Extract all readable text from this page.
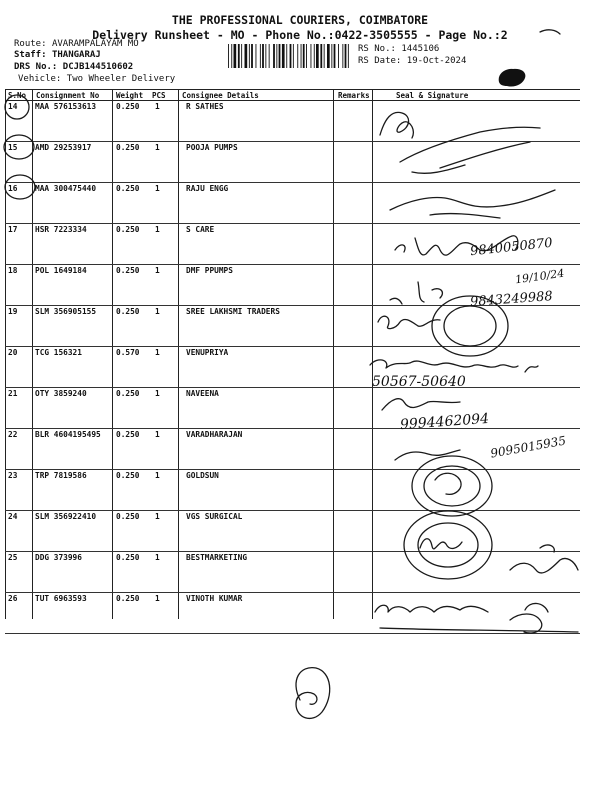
THE PROFESSIONAL COURIERS, COIMBATORE
Delivery Runsheet - MO - Phone No.:0422-3505555 - Page No.:2
Route: AVARAMPALAYAM MO
Staff: THANGARAJ
DRS No.: DCJB144510602
Vehicle: Two Wheeler Delivery
RS No.: 1445106
RS Date: 19-Oct-2024
S.No Consignment No Weight PCS Consignee Details	Remarks	Seal & Signature
14 MAA 576153613	0.250 1	R SATHES
15 AMD 29253917	0.250 1	POOJA PUMPS
16 MAA 300475440	0.250 1	RAJU ENGG
17 HSR 7223334	0.250 1	S CARE
18 POL 1649184	0.250 1	DMF PPUMPS
19 SLM 356905155	0.250 1	SREE LAKHSMI TRADERS
20 TCG 156321	0.570 1	VENUPRIYA
21 OTY 3859240	0.250 1	NAVEENA
22 BLR 4604195495 0.250 1	VARADHARAJAN
23 TRP 7819586	0.250 1	GOLDSUN
24 SLM 356922410	0.250 1	VGS SURGICAL
25 DDG 373996	0.250 1	BESTMARKETING
26 TUT 6963593	0.250 1	VINOTH KUMAR
9840050870
19/10/24
9843249988
50567-50640
9994462094
9095015935
